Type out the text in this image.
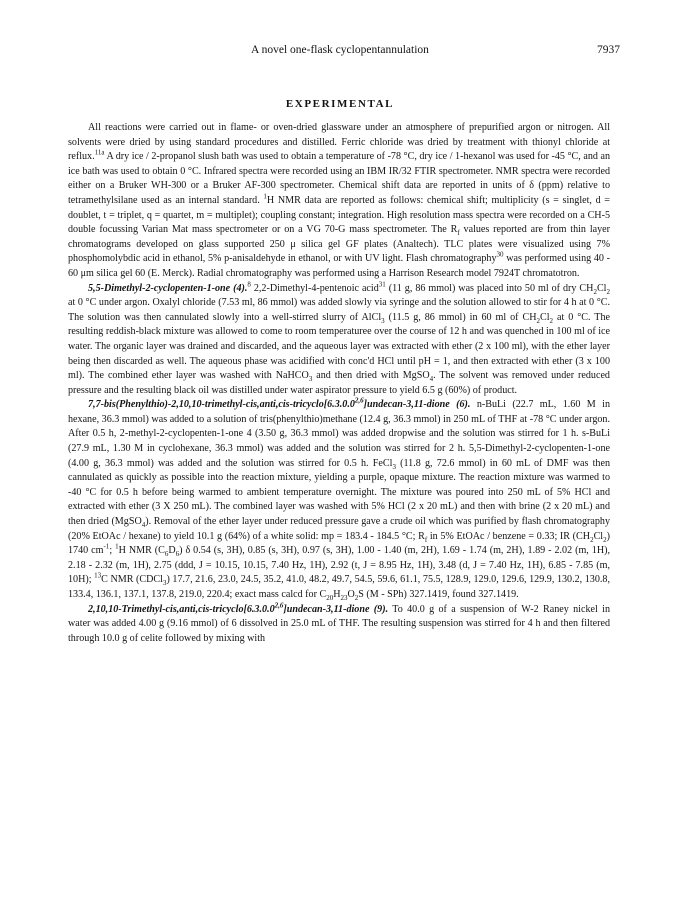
A novel one-flask cyclopentannulation	7937
EXPERIMENTAL

All reactions were carried out in flame- or oven-dried glassware under an atmosphere of prepurified argon or nitrogen. All solvents were dried by using standard procedures and distilled. Ferric chloride was dried by treatment with thionyl chloride at reflux.$^{11a}$ A dry ice / 2-propanol slush bath was used to obtain a temperature of -78 °C, dry ice / 1-hexanol was used for -45 °C, and an ice bath was used to obtain 0 °C. Infrared spectra were recorded using an IBM IR/32 FTIR spectrometer. NMR spectra were recorded either on a Bruker WH-300 or a Bruker AF-300 spectrometer. Chemical shift data are reported in units of δ (ppm) relative to tetramethylsilane used as an internal standard. $^1$H NMR data are reported as follows: chemical shift; multiplicity (s = singlet, d = doublet, t = triplet, q = quartet, m = multiplet); coupling constant; integration. High resolution mass spectra were recorded on a CH-5 double focussing Varian Mat mass spectrometer or on a VG 70-G mass spectrometer. The $R_f$ values reported are from thin layer chromatograms developed on glass supported 250 μ silica gel GF plates (Analtech). TLC plates were visualized using 7% phosphomolybdic acid in ethanol, 5% p-anisaldehyde in ethanol, or with UV light. Flash chromatography$^{30}$ was performed using 40 - 60 μm silica gel 60 (E. Merck). Radial chromatography was performed using a Harrison Research model 7924T chromatotron.

5,5-Dimethyl-2-cyclopenten-1-one (4).$^8$ 2,2-Dimethyl-4-pentenoic acid$^{31}$ (11 g, 86 mmol) was placed into 50 ml of dry $CH_2Cl_2$ at 0 °C under argon. Oxalyl chloride (7.53 ml, 86 mmol) was added slowly via syringe and the solution allowed to stir for 4 h at 0 °C. The solution was then cannulated slowly into a well-stirred slurry of AlCl$_3$ (11.5 g, 86 mmol) in 60 ml of $CH_2Cl_2$ at 0 °C. The resulting reddish-black mixture was allowed to come to room temperaturee over the course of 12 h and was quenched in 100 ml of ice water. The organic layer was drained and discarded, and the aqueous layer was extracted with ether (2 x 100 ml), with the ether layer being then discarded as well. The aqueous phase was acidified with conc'd HCl until pH = 1, and then extracted with ether (3 x 100 ml). The combined ether layer was washed with NaHCO$_3$ and then dried with MgSO$_4$. The solvent was removed under reduced pressure and the resulting black oil was distilled under water aspirator pressure to yield 6.5 g (60%) of product.

7,7-bis(Phenylthio)-2,10,10-trimethyl-cis,anti,cis-tricyclo[6.3.0.0$^{2,6}$]undecan-3,11-dione (6). n-BuLi (22.7 mL, 1.60 M in hexane, 36.3 mmol) was added to a solution of tris(phenylthio)methane (12.4 g, 36.3 mmol) in 250 mL of THF at -78 °C under argon. After 0.5 h, 2-methyl-2-cyclopenten-1-one 4 (3.50 g, 36.3 mmol) was added dropwise and the solution was stirred for 1 h. s-BuLi (27.9 mL, 1.30 M in cyclohexane, 36.3 mmol) was added and the solution was stirred for 2 h. 5,5-Dimethyl-2-cyclopenten-1-one (4.00 g, 36.3 mmol) was added and the solution was stirred for 0.5 h. FeCl$_3$ (11.8 g, 72.6 mmol) in 60 mL of DMF was then cannulated as quickly as possible into the reaction mixture, yielding a purple, opaque mixture. The reaction mixture was warmed to -40 °C for 0.5 h before being warmed to ambient temperature overnight. The mixture was poured into 250 mL of 5% HCl and extracted with ether (3 X 250 mL). The combined layer was washed with 5% HCl (2 x 20 mL) and then with brine (2 x 20 mL) and then dried (MgSO$_4$). Removal of the ether layer under reduced pressure gave a crude oil which was purified by flash chromatography (20% EtOAc / hexane) to yield 10.1 g (64%) of a white solid: mp = 183.4 - 184.5 °C; $R_f$ in 5% EtOAc / benzene = 0.33; IR $(CH_2Cl_2)$ 1740 $cm^{-1}$; $^1$H NMR $(C_6D_6)$ δ 0.54 (s, 3H), 0.85 (s, 3H), 0.97 (s, 3H), 1.00 - 1.40 (m, 2H), 1.69 - 1.74 (m, 2H), 1.89 - 2.02 (m, 1H), 2.18 - 2.32 (m, 1H), 2.75 (ddd, J = 10.15, 10.15, 7.40 Hz, 1H), 2.92 (t, J = 8.95 Hz, 1H), 3.48 (d, J = 7.40 Hz, 1H), 6.85 - 7.85 (m, 10H); $^{13}$C NMR (CDCl$_3$) 17.7, 21.6, 23.0, 24.5, 35.2, 41.0, 48.2, 49.7, 54.5, 59.6, 61.1, 75.5, 128.9, 129.0, 129.6, 129.9, 130.2, 130.8, 133.4, 136.1, 137.1, 137.8, 219.0, 220.4; exact mass calcd for $C_{20}H_{23}O_2S$ (M - SPh) 327.1419, found 327.1419.

2,10,10-Trimethyl-cis,anti,cis-tricyclo[6.3.0.0$^{2,6}$]undecan-3,11-dione (9). To 40.0 g of a suspension of W-2 Raney nickel in water was added 4.00 g (9.16 mmol) of 6 dissolved in 25.0 mL of THF. The resulting suspension was stirred for 4 h and then filtered through 10.0 g of celite followed by mixing with
